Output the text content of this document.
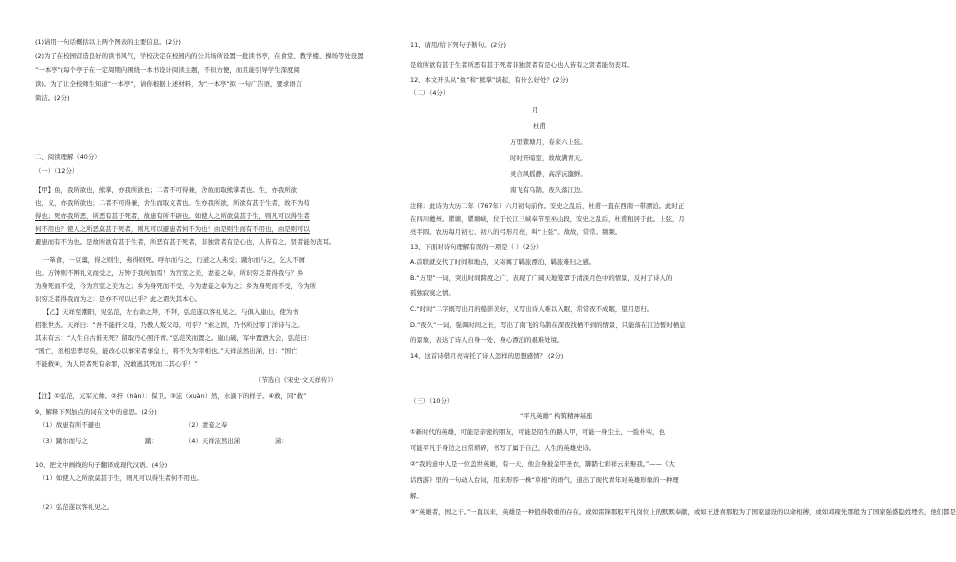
(1)请用一句话概括以上两个图表的主要信息。(2分)
(2)为了在校园营造良好的读书风气，学校决定在校园内的公共场所设置一批读书亭，在食堂、教学楼、操场等处设置
“一本亭”(每个亭子在一定周期内围绕一本书设计阅读主题，不但方便，而且能引导学生深度阅
读)。为了让全校师生知道“一本亭”，请你根据上述材料，为“一本亭”拟 一句广告语，要求语言
简洁。(2分)
二、阅读理解（40分）
（一）（12分）
【甲】鱼，我所欲也，熊掌，亦我所欲也；二者不可得兼，舍鱼而取熊掌者也。生，亦我所欲
也，义，亦我所欲也；二者不可得兼，舍生而取义者也。生亦我所欲，所欲有甚于生者，故不为苟
得也；死亦我所恶，所恶有甚于死者，故患有所不辟也。如使人之所欲莫甚于生，则凡可以得生者
何不用也？使人之所恶莫甚于死者，则凡可以避患者何不为也！由是则生而有不用也，由是则可以
避患而有不为也。是故所欲有甚于生者，所恶有甚于死者，非独贤者有是心也，人皆有之，贤者能勿丧耳。
一箪食，一豆羹，得之则生，弗得则死。呼尔而与之，行道之人弗受；蹴尔而与之，乞人不屑
也。万钟则不辨礼义而受之，万钟于我何加焉！为宫室之美，妻妾之奉，所识穷乏者得我与？乡
为身死而不受，今为宫室之美为之；乡为身死而不受，今为妻妾之奉为之；乡为身死而不受，今为所
识穷乏者得我而为之：是亦不可以已乎？此之谓失其本心。
【乙】天祥至潮阳，见弘范，左右命之拜，不拜，弘范遂以客礼见之，与俱入崖山，使为书
招张世杰。天祥曰：“吾不能扞父母，乃教人叛父母，可乎？”索之固，乃书所过零丁洋诗与之。
其末有云：“人生自古谁无死？留取丹心照汗青。”弘范笑而置之。崖山破，军中置酒大会，弘范曰：
“国亡，丞相忠孝尽矣，能改心以事宋者事皇上，将不失为宰相也。”天祥泫然出涕，曰：“国亡
不能救④，为人臣者死有余罪，况敢逃其死而二其心乎！”
（节选自《宋史·文天祥传》）
【注】①弘范，元军元帅。②扞（hàn）：保卫。③泫（xuàn）然，水滴下的样子。④救，同“救”
9、解释下列加点的词在文中的意思。(2分)
（1）故患有所不避也	（2）妻妾之奉
（3）蹴尔而与之	蹴：	（4）天祥泫然出涕	涕：
10、把文中画线的句子翻译成现代汉语。(4分)
（1）如使人之所欲莫甚于生，则凡可以得生者何不用也。
（2）弘范遂以客礼见之。
11、请用/给下列句子断句。(2分)
是故所欲有甚于生者所恶有甚于死者非独贤者有是心也人皆有之贤者能勿丧耳。
12、本文开头从“鱼”和“熊掌”谈起，有什么好处？(2分)
（二）（4分）
月
杜甫
万里瞿塘月，春来六上弦。
时时开暗室，故故满青天。
灵合风摇静，高浮沆瀣鲜。
南飞有乌鹊，夜久落江边。
注释：此诗为大历二年（767年）六月初旬前作。安史之乱后，杜甫一直在西南一带漂泊。此时正
在四川夔州。瞿塘，瞿塘峡，位于长江三峡奉节至巫山段，安史之乱后，杜甫租居于此。上弦，月
亮半圆。农历每月初七、初八的弓形月亮，叫“上弦”。故故，常常。频频。
13、下面对诗句理解有误的一项是（ ）（2分）
A.首联就交代了时间和地点，又寄寓了羁旅漂泊、羁旅难归之感。
B.“万里”一词，突出时间跨度之广，表现了广阔天地笼罩于清淡月色中的情景，反衬了诗人的
孤独寂寞之情。
C.“时时”二字既写出月的船影美好，又写出诗人难以入眠，常常夜不成眠，望月思归。
D.“夜久”一词，强调时间之长，写出了南飞的乌鹊在深夜找栖不到的情景，只能落在江边暂时栖息
的景象，表达了诗人自身一处、身心漂泊的艰难处境。
14、这首诗借月亮寄托了诗人怎样的思想感情？ (2分)
（三）（10分）
“平凡英雄” 构筑精神基座
①新时代的英雄，可能是亲密的朋友，可能是陌生的路人甲，可能一身尘土、一脸朴实，也
可能平凡于身边之日常琐碎，书写了属于自己、人生的英雄史诗。
②“我的意中人是一位盖世英雄，有一天，他会身披金甲圣衣，脚踏七彩祥云来娶我。”——《大
话西游》里的一句动人台词，用来形容一株“草根”的语气，道出了现代青年对英雄形象的一种理
解。
③“英雄者，国之干。”一直以来，英雄是一种值得敬重的存在。或如雷锋那般平凡岗位上的默默奉献，或如王进喜那般为了国家建设的以命相搏，或如邓稼先那般为了国家强盛隐姓埋名，他们都是
